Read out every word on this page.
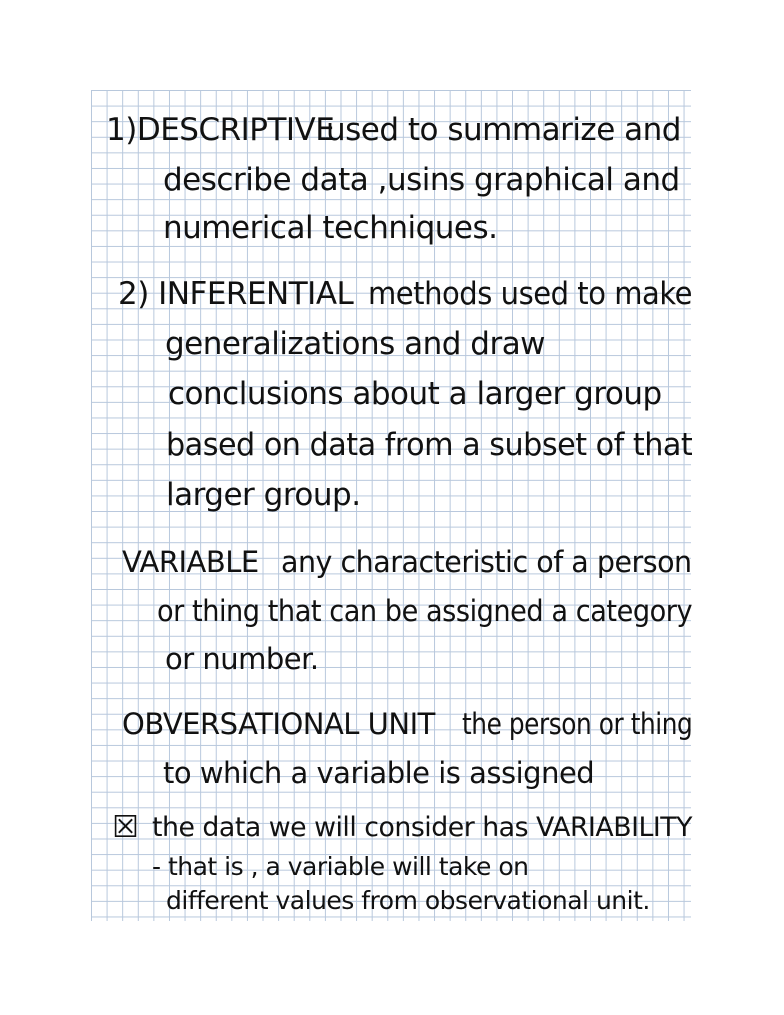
1)DESCRIPTIVE
used to summarize and
describe data ,usins graphical and
numerical techniques.
2) INFERENTIAL methods used to make
generalizations and draw
conclusions about a larger group
based on data from a subset of that
larger group.
VARIABLE any characteristic of a person
or thing that can be assigned a category
or number.
OBVERSATIONAL UNIT the person or thing
to which a variable is assigned
☒ the data we will consider has VARIABILITY
- that is , a variable will take on
different values from observational unit.
